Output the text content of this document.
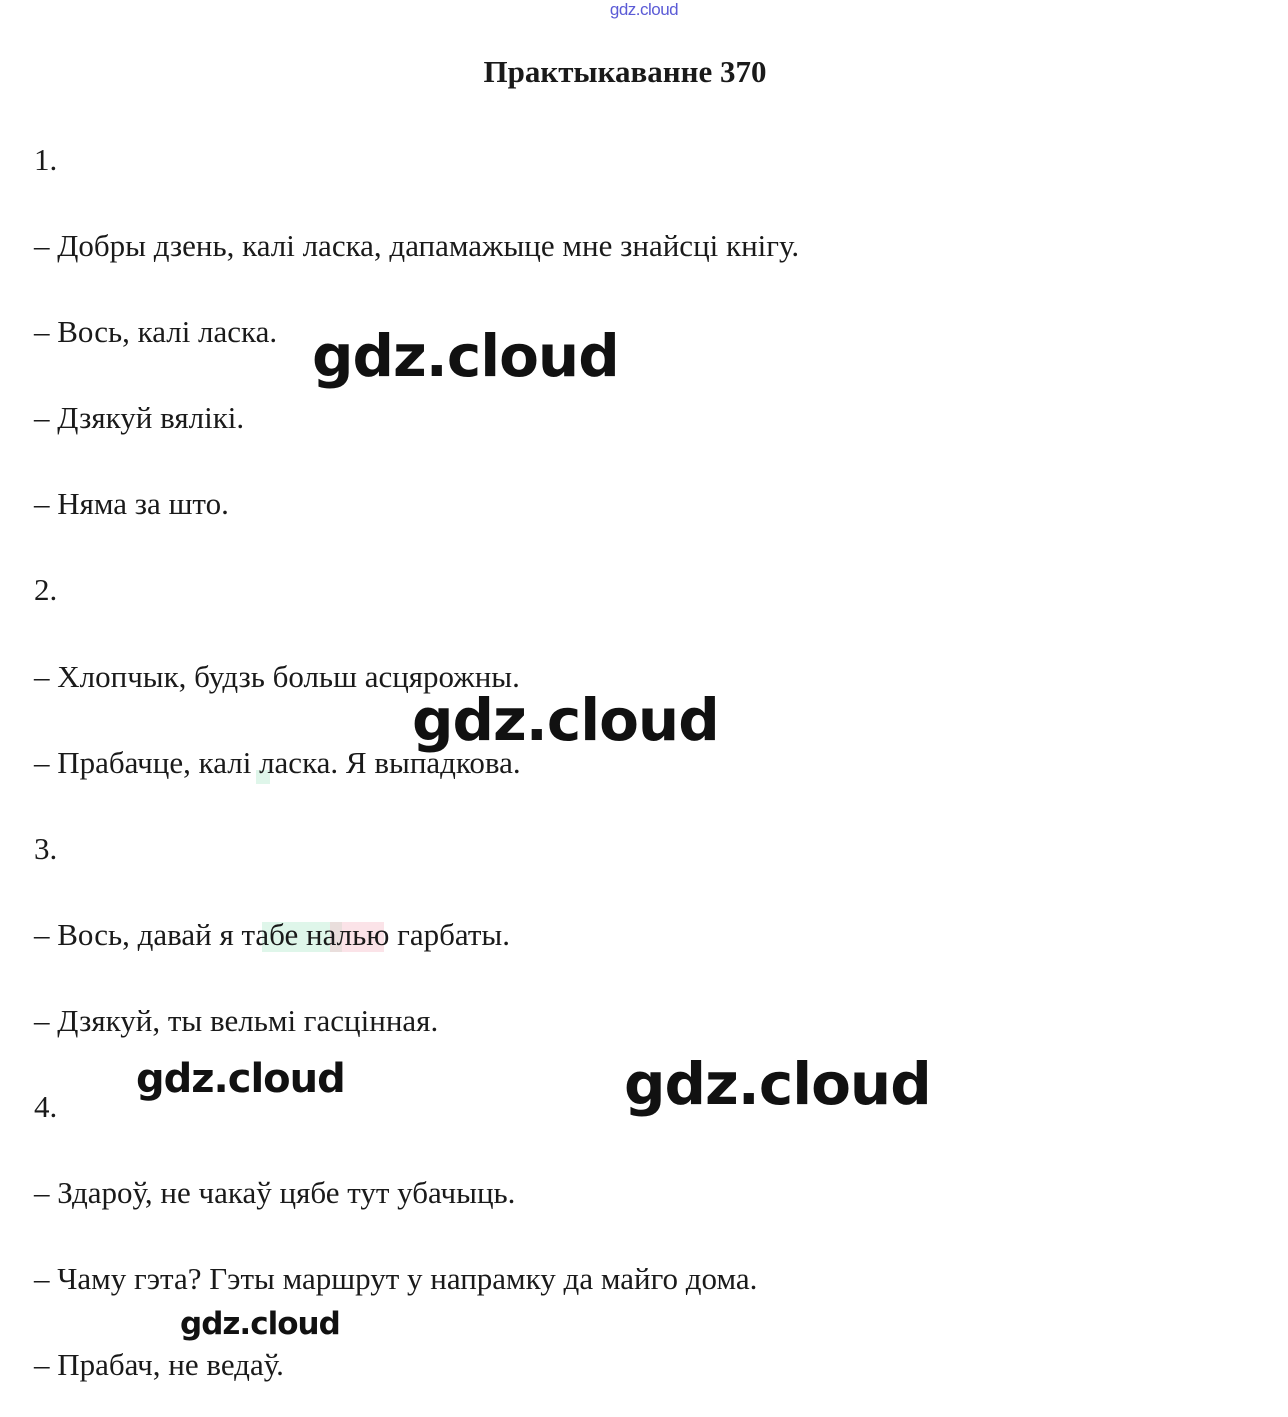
gdz.cloud
Практыкаванне 370

1.

– Добры дзень, калі ласка, дапамажыце мне знайсці кнігу.

– Вось, калі ласка.

– Дзякуй вялікі.

– Няма за што.

2.

– Хлопчык, будзь больш асцярожны.

– Прабачце, калі ласка. Я выпадкова.

3.

– Вось, давай я табе налью гарбаты.

– Дзякуй, ты вельмі гасцінная.

4.

– Здароў, не чакаў цябе тут убачыць.

– Чаму гэта? Гэты маршрут у напрамку да майго дома.

– Прабач, не ведаў.

gdz.cloud
gdz.cloud
gdz.cloud	gdz.cloud
gdz.cloud
